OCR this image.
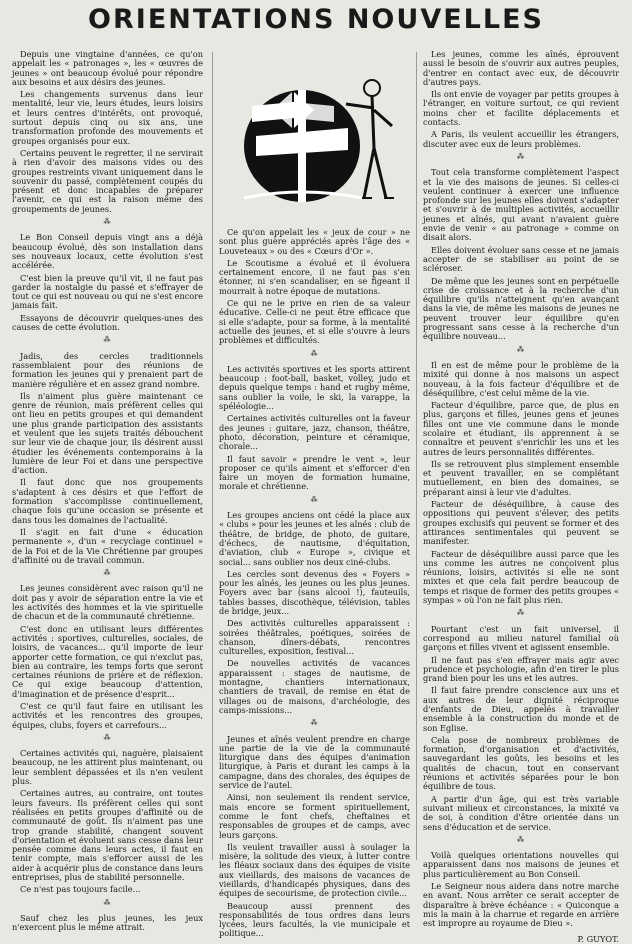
ORIENTATIONS NOUVELLES

Depuis une vingtaine d'années, ce qu'on appelait les « patronages », les « œuvres de jeunes » ont beaucoup évolué pour répondre aux besoins et aux désirs des jeunes.

Les changements survenus dans leur mentalité, leur vie, leurs études, leurs loisirs et leurs centres d'intérêts, ont provoqué, surtout depuis cinq ou six ans, une transformation profonde des mouvements et groupes organisés pour eux.

Certains peuvent le regretter, il ne servirait à rien d'avoir des maisons vides ou des groupes restreints vivant uniquement dans le souvenir du passé, complètement coupés du présent et donc incapables de préparer l'avenir, ce qui est la raison même des groupements de jeunes.

⁂

Le Bon Conseil depuis vingt ans a déjà beaucoup évolué, dès son installation dans ses nouveaux locaux, cette évolution s'est accélérée.

C'est bien la preuve qu'il vit, il ne faut pas garder la nostalgie du passé et s'effrayer de tout ce qui est nouveau ou qui ne s'est encore jamais fait.

Essayons de découvrir quelques-unes des causes de cette évolution.

⁂

Jadis, des cercles traditionnels rassemblaient pour des réunions de formation les jeunes qui y prenaient part de manière régulière et en assez grand nombre.

Ils n'aiment plus guère maintenant ce genre de réunion, mais préfèrent celles qui ont lieu en petits groupes et qui demandent une plus grande participation des assistants et veulent que les sujets traités débouchent sur leur vie de chaque jour, ils désirent aussi étudier les événements contemporains à la lumière de leur Foi et dans une perspective d'action.

Il faut donc que nos groupements s'adaptent à ces désirs et que l'effort de formation s'accomplisse continuellement, chaque fois qu'une occasion se présente et dans tous les domaines de l'actualité.

Il s'agit en fait d'une « éducation permanente », d'un « recyclage continuel » de la Foi et de la Vie Chrétienne par groupes d'affinité ou de travail commun.

⁂

Les jeunes considèrent avec raison qu'il ne doit pas y avoir de séparation entre la vie et les activités des hommes et la vie spirituelle de chacun et de la communauté chrétienne.

C'est donc en utilisant leurs différentes activités : sportives, culturelles, sociales, de loisirs, de vacances... qu'il importe de leur apporter cette formation, ce qui n'exclut pas, bien au contraire, les temps forts que seront certaines réunions de prière et de réflexion. Ce qui exige beaucoup d'attention, d'imagination et de présence d'esprit...

C'est ce qu'il faut faire en utilisant les activités et les rencontres des groupes, équipes, clubs, foyers et carrefours...

⁂

Certaines activités qui, naguère, plaisaient beaucoup, ne les attirent plus maintenant, ou leur semblent dépassées et ils n'en veulent plus.

Certaines autres, au contraire, ont toutes leurs faveurs. Ils préfèrent celles qui sont réalisées en petits groupes d'affinité ou de communauté de goût. Ils n'aiment pas une trop grande stabilité, changent souvent d'orientation et évoluent sans cesse dans leur pensée comme dans leurs actes, il faut en tenir compte, mais s'efforcer aussi de les aider à acquérir plus de constance dans leurs entreprises, plus de stabilité personnelle.

Ce n'est pas toujours facile...

⁂

Sauf chez les plus jeunes, les jeux n'exercent plus le même attrait.

Ce qu'on appelait les « jeux de cour » ne sont plus guère appréciés après l'âge des « Louveteaux » ou des « Cœurs d'Or ».

Le Scoutisme a évolué et il évoluera certainement encore, il ne faut pas s'en étonner, ni s'en scandaliser, en se figeant il mourrait à notre époque de mutations.

Ce qui ne le prive en rien de sa valeur éducative. Celle-ci ne peut être efficace que si elle s'adapte, pour sa forme, à la mentalité actuelle des jeunes, et si elle s'ouvre à leurs problèmes et difficultés.

⁂

Les activités sportives et les sports attirent beaucoup : foot-ball, basket, volley, judo et depuis quelque temps : hand et rugby même, sans oublier la voile, le ski, la varappe, la spéléologie...

Certaines activités culturelles ont la faveur des jeunes : guitare, jazz, chanson, théâtre, photo, décoration, peinture et céramique, chorale...

Il faut savoir « prendre le vent », leur proposer ce qu'ils aiment et s'efforcer d'en faire un moyen de formation humaine, morale et chrétienne.

⁂

Les groupes anciens ont cédé la place aux « clubs » pour les jeunes et les aînés : club de théâtre, de bridge, de photo, de guitare, d'échecs, de nautisme, d'équitation, d'aviation, club « Europe », civique et social... sans oublier nos deux ciné-clubs.

Les cercles sont devenus des « Foyers » pour les aînés, les jeunes ou les plus jeunes. Foyers avec bar (sans alcool !), fauteuils, tables basses, discothèque, télévision, tables de bridge, jeux...

Des activités culturelles apparaissent : soirées théâtrales, poétiques, soirées de chanson, dîners-débats, rencontres culturelles, exposition, festival...

De nouvelles activités de vacances apparaissent : stages de nautisme, de montagne, chantiers internationaux, chantiers de travail, de remise en état de villages ou de maisons, d'archéologie, des camps-missions...

⁂

Jeunes et aînés veulent prendre en charge une partie de la vie de la communauté liturgique dans des équipes d'animation liturgique, à Paris et durant les camps à la campagne, dans des chorales, des équipes de service de l'autel.

Ainsi, non seulement ils rendent service, mais encore se forment spirituellement, comme le font chefs, cheftaines et responsables de groupes et de camps, avec leurs garçons.

Ils veulent travailler aussi à soulager la misère, la solitude des vieux, à lutter contre les fléaux sociaux dans des équipes de visite aux vieillards, des maisons de vacances de vieillards, d'handicapés physiques, dans des équipes de secourisme, de protection civile...

Beaucoup aussi prennent des responsabilités de tous ordres dans leurs lycées, leurs facultés, la vie municipale et politique...

Les jeunes, comme les aînés, éprouvent aussi le besoin de s'ouvrir aux autres peuples, d'entrer en contact avec eux, de découvrir d'autres pays.

Ils ont envie de voyager par petits groupes à l'étranger, en voiture surtout, ce qui revient moins cher et facilite déplacements et contacts.

A Paris, ils veulent accueillir les étrangers, discuter avec eux de leurs problèmes.

⁂

Tout cela transforme complètement l'aspect et la vie des maisons de jeunes. Si celles-ci veulent continuer à exercer une influence profonde sur les jeunes elles doivent s'adapter et s'ouvrir à de multiples activités, accueillir jeunes et aînés, qui avant n'avaient guère envie de venir « au patronage » comme on disait alors.

Elles doivent évoluer sans cesse et ne jamais accepter de se stabiliser au point de se scléroser.

De même que les jeunes sont en perpétuelle crise de croissance et à la recherche d'un équilibre qu'ils n'atteignent qu'en avançant dans la vie, de même les maisons de jeunes ne peuvent trouver leur équilibre qu'en progressant sans cesse à la recherche d'un équilibre nouveau...

⁂

Il en est de même pour le problème de la mixité qui donne à nos maisons un aspect nouveau, à la fois facteur d'équilibre et de déséquilibre, c'est celui même de la vie.

Facteur d'équilibre, parce que, de plus en plus, garçons et filles, jeunes gens et jeunes filles ont une vie commune dans le monde scolaire et étudiant, ils apprennent à se connaître et peuvent s'enrichir les uns et les autres de leurs personnalités différentes.

Ils se retrouvent plus simplement ensemble et peuvent travailler, en se complétant mutuellement, en bien des domaines, se préparant ainsi à leur vie d'adultes.

Facteur de déséquilibre, à cause des oppositions qui peuvent s'élever, des petits groupes exclusifs qui peuvent se former et des attirances sentimentales qui peuvent se manifester.

Facteur de déséquilibre aussi parce que les uns comme les autres ne conçoivent plus réunions, loisirs, activités si elle ne sont mixtes et que cela fait perdre beaucoup de temps et risque de former des petits groupes « sympas » où l'on ne fait plus rien.

⁂

Pourtant c'est un fait universel, il correspond au milieu naturel familial où garçons et filles vivent et agissent ensemble.

Il ne faut pas s'en effrayer mais agir avec prudence et psychologie, afin d'en tirer le plus grand bien pour les uns et les autres.

Il faut faire prendre conscience aux uns et aux autres de leur dignité réciproque d'enfants de Dieu, appelés à travailler ensemble à la construction du monde et de son Eglise.

Cela pose de nombreux problèmes de formation, d'organisation et d'activités, sauvegardant les goûts, les besoins et les qualités de chacun, tout en conservant réunions et activités séparées pour le bon équilibre de tous.

A partir d'un âge, qui est très variable suivant milieux et circonstances, la mixité va de soi, à condition d'être orientée dans un sens d'éducation et de service.

⁂

Voilà quelques orientations nouvelles qui apparaissent dans nos maisons de jeunes et plus particulièrement au Bon Conseil.

Le Seigneur nous aidera dans notre marche en avant. Nous arrêter ce serait accepter de disparaître à brève échéance : « Quiconque a mis la main à la charrue et regarde en arrière est impropre au royaume de Dieu ».

P. GUYOT.
